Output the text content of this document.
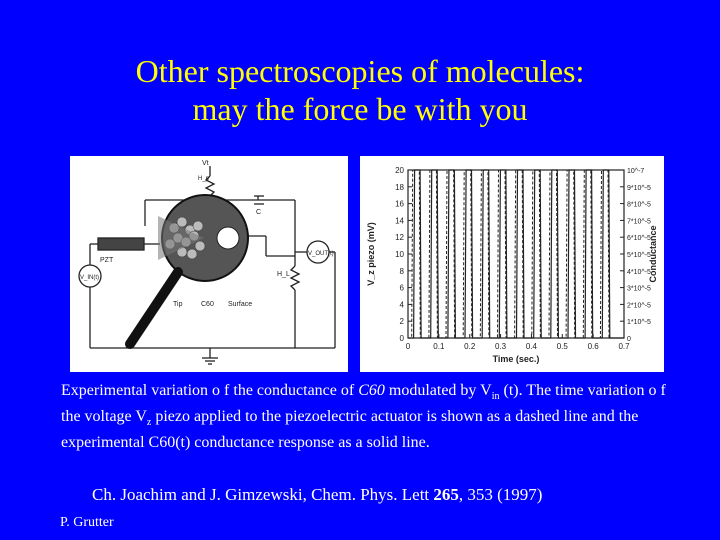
Other spectroscopies of molecules:
may the force be with you
Vt
H_p
C
PZT
H_L
V_OUT(t)
V_IN(t)
Tip	C60 Surface
0
2
4
6
8
10
12
14
16
18
20
0
1*10^-5
2*10^-5
3*10^-5
4*10^-5
5*10^-5
6*10^-5
7*10^-5
8*10^-5
9*10^-5
10^-7
0	0.1 0.2 0.3 0.4 0.5 0.6 0.7
V_z piezo (mV)	Conductance
Time (sec.)

Experimental variation o f the conductance of C60 modulated by $V_{in}$ (t). The time variation o f the voltage $V_z$ piezo applied to the piezoelectric actuator is shown as a dashed line and the experimental C60(t) conductance response as a solid line.

Ch. Joachim and J. Gimzewski, Chem. Phys. Lett 265, 353 (1997)

P. Grutter
